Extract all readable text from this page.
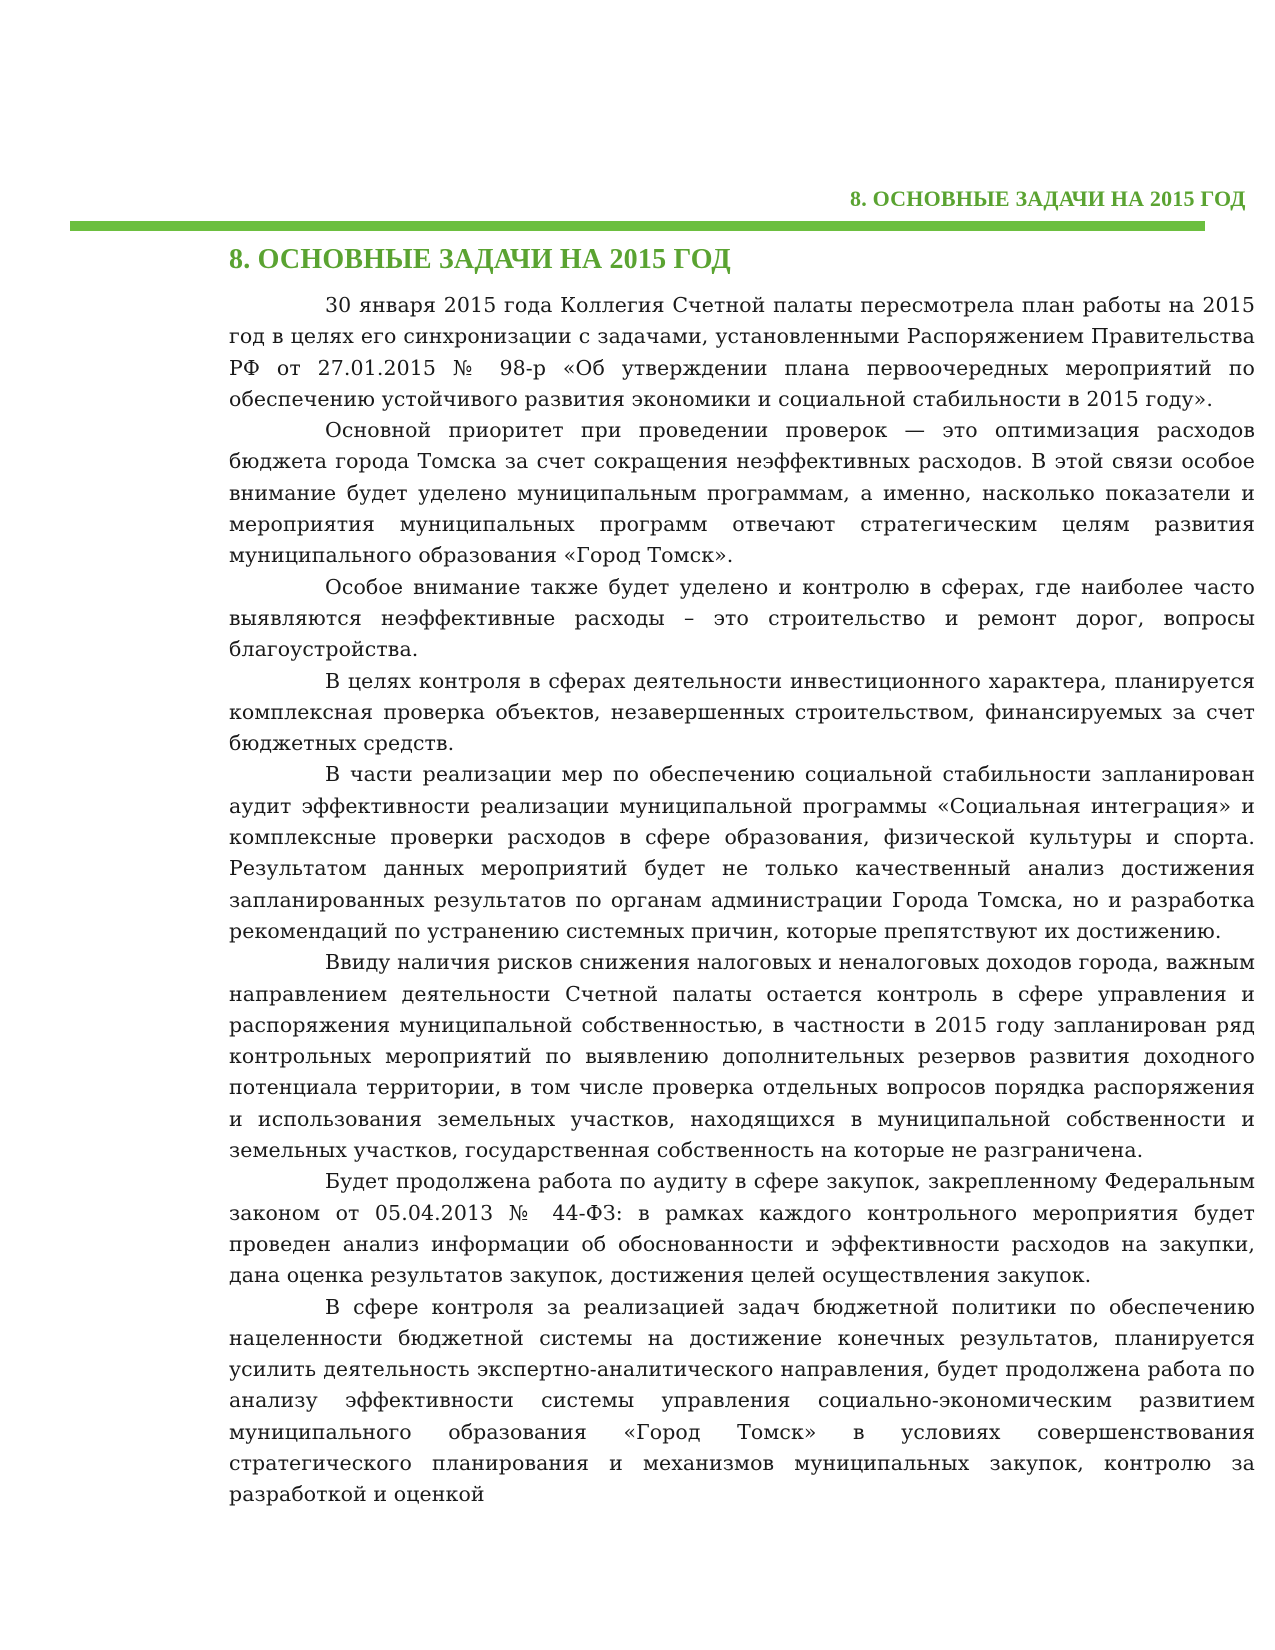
8. ОСНОВНЫЕ ЗАДАЧИ НА 2015 ГОД
8. ОСНОВНЫЕ ЗАДАЧИ НА 2015 ГОД

30 января 2015 года Коллегия Счетной палаты пересмотрела план работы на 2015 год в целях его синхронизации с задачами, установленными Распоряжением Правительства РФ от 27.01.2015 № 98-р «Об утверждении плана первоочередных мероприятий по обеспечению устойчивого развития экономики и социальной стабильности в 2015 году».

Основной приоритет при проведении проверок — это оптимизация расходов бюджета города Томска за счет сокращения неэффективных расходов. В этой связи особое внимание будет уделено муниципальным программам, а именно, насколько показатели и мероприятия муниципальных программ отвечают стратегическим целям развития муниципального образования «Город Томск».

Особое внимание также будет уделено и контролю в сферах, где наиболее часто выявляются неэффективные расходы – это строительство и ремонт дорог, вопросы благоустройства.

В целях контроля в сферах деятельности инвестиционного характера, планируется комплексная проверка объектов, незавершенных строительством, финансируемых за счет бюджетных средств.

В части реализации мер по обеспечению социальной стабильности запланирован аудит эффективности реализации муниципальной программы «Социальная интеграция» и комплексные проверки расходов в сфере образования, физической культуры и спорта. Результатом данных мероприятий будет не только качественный анализ достижения запланированных результатов по органам администрации Города Томска, но и разработка рекомендаций по устранению системных причин, которые препятствуют их достижению.

Ввиду наличия рисков снижения налоговых и неналоговых доходов города, важным направлением деятельности Счетной палаты остается контроль в сфере управления и распоряжения муниципальной собственностью, в частности в 2015 году запланирован ряд контрольных мероприятий по выявлению дополнительных резервов развития доходного потенциала территории, в том числе проверка отдельных вопросов порядка распоряжения и использования земельных участков, находящихся в муниципальной собственности и земельных участков, государственная собственность на которые не разграничена.

Будет продолжена работа по аудиту в сфере закупок, закрепленному Федеральным законом от 05.04.2013 № 44-ФЗ: в рамках каждого контрольного мероприятия будет проведен анализ информации об обоснованности и эффективности расходов на закупки, дана оценка результатов закупок, достижения целей осуществления закупок.

В сфере контроля за реализацией задач бюджетной политики по обеспечению нацеленности бюджетной системы на достижение конечных результатов, планируется усилить деятельность экспертно-аналитического направления, будет продолжена работа по анализу эффективности системы управления социально-экономическим развитием муниципального образования «Город Томск» в условиях совершенствования стратегического планирования и механизмов муниципальных закупок, контролю за разработкой и оценкой
